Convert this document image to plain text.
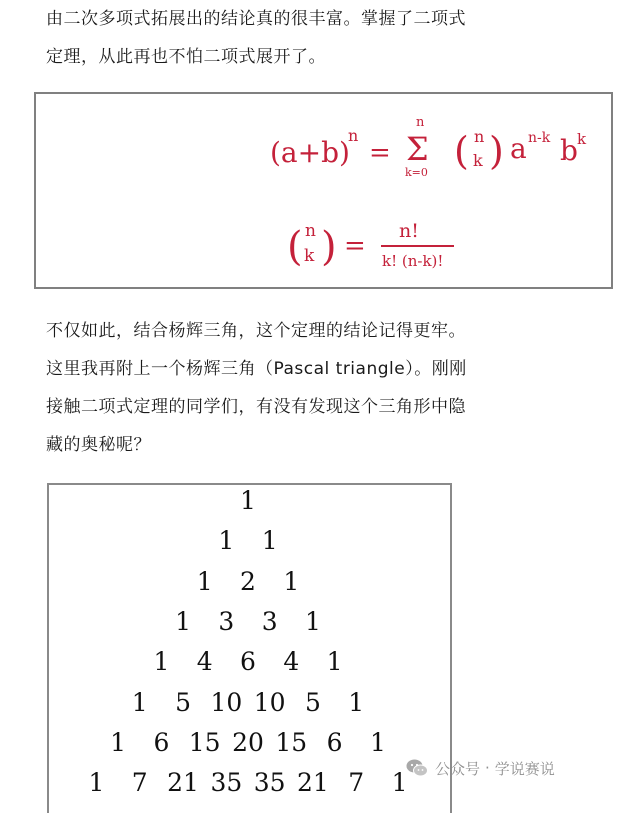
由二次多项式拓展出的结论真的很丰富。掌握了二项式
定理，从此再也不怕二项式展开了。
(a+b)
n
=
n
Σ
k=0 ( n
k ) a n-k b k
( n
k ) = n!
k! (n-k)!
不仅如此，结合杨辉三角，这个定理的结论记得更牢。
这里我再附上一个杨辉三角（Pascal triangle）。刚刚
接触二项式定理的同学们，有没有发现这个三角形中隐
藏的奥秘呢？
1
1	1
1	2	1
1	3	3	1
1	4	6	4	1
1	5 10 10 5	1
1	6 15 20 15 6	1
1	7 21 35 35 21 7	1	公众号 · 学说赛说
